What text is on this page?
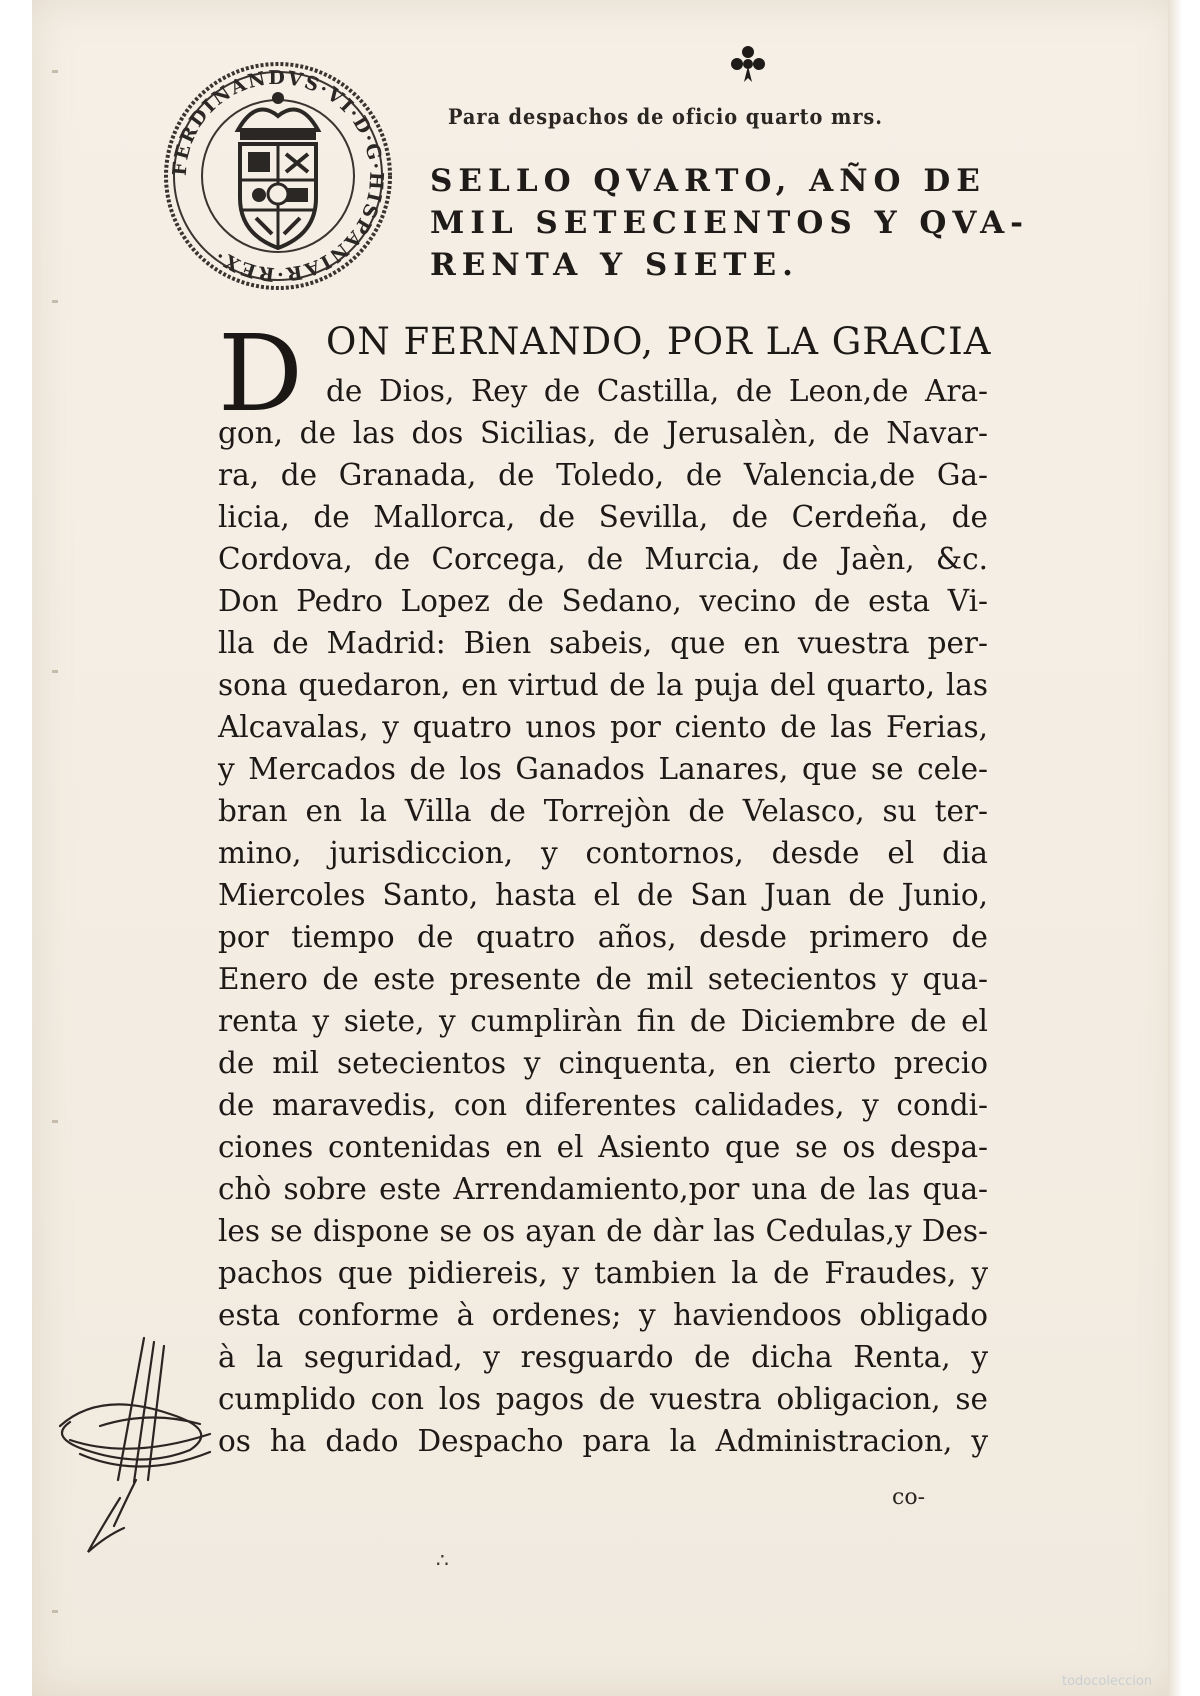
FERDINANDVS·VI·D·G·HISPANIAR·REX·
Para despachos de oficio quarto mrs.
SELLO QVARTO, AÑO DE
MIL SETECIENTOS Y QVA-
RENTA Y SIETE.
D ON FERNANDO, POR LA GRACIA
de Dios, Rey de Castilla, de Leon,de Ara-
gon, de las dos Sicilias, de Jerusalèn, de Navar-
ra, de Granada, de Toledo, de Valencia,de Ga-
licia, de Mallorca, de Sevilla, de Cerdeña, de
Cordova, de Corcega, de Murcia, de Jaèn, &c.
Don Pedro Lopez de Sedano, vecino de esta Vi-
lla de Madrid: Bien sabeis, que en vuestra per-
sona quedaron, en virtud de la puja del quarto, las
Alcavalas, y quatro unos por ciento de las Ferias,
y Mercados de los Ganados Lanares, que se cele-
bran en la Villa de Torrejòn de Velasco, su ter-
mino, jurisdiccion, y contornos, desde el dia
Miercoles Santo, hasta el de San Juan de Junio,
por tiempo de quatro años, desde primero de
Enero de este presente de mil setecientos y qua-
renta y siete, y cumpliràn fin de Diciembre de el
de mil setecientos y cinquenta, en cierto precio
de maravedis, con diferentes calidades, y condi-
ciones contenidas en el Asiento que se os despa-
chò sobre este Arrendamiento,por una de las qua-
les se dispone se os ayan de dàr las Cedulas,y Des-
pachos que pidiereis, y tambien la de Fraudes, y
esta conforme à ordenes; y haviendoos obligado
à la seguridad, y resguardo de dicha Renta, y
cumplido con los pagos de vuestra obligacion, se
os ha dado Despacho para la Administracion, y
co-
∴
todocoleccion
